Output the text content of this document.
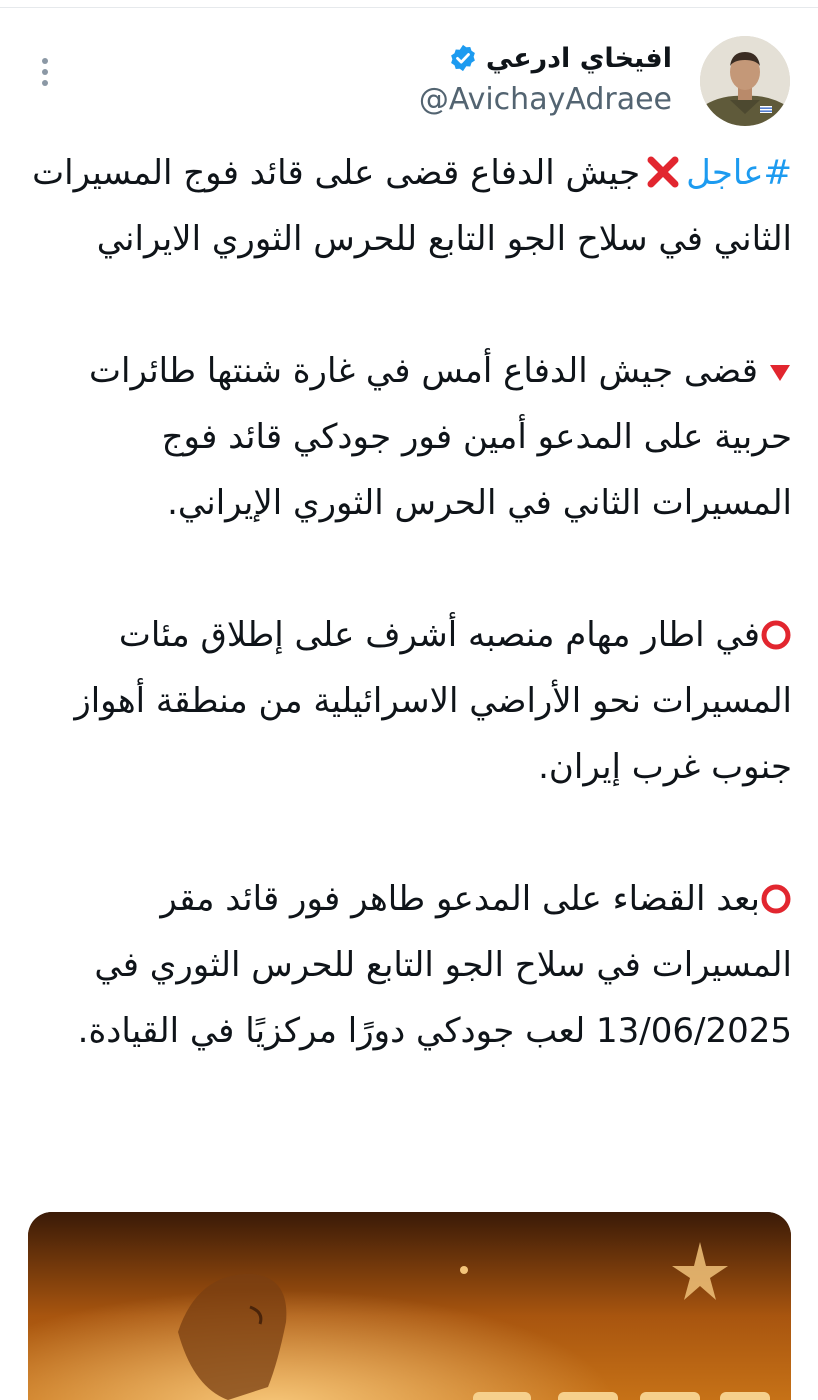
افيخاي ادرعي
@AvichayAdraee

#عاجلجيش الدفاع قضى على قائد فوج المسيرات الثاني في سلاح الجو التابع للحرس الثوري الايراني

قضى جيش الدفاع أمس في غارة شنتها طائرات حربية على المدعو أمين فور جودكي قائد فوج المسيرات الثاني في الحرس الثوري الإيراني.

في اطار مهام منصبه أشرف على إطلاق مئات المسيرات نحو الأراضي الاسرائيلية من منطقة أهواز جنوب غرب إيران.

بعد القضاء على المدعو طاهر فور قائد مقر المسيرات في سلاح الجو التابع للحرس الثوري في 13/06/2025 لعب جودكي دورًا مركزيًا في القيادة.
